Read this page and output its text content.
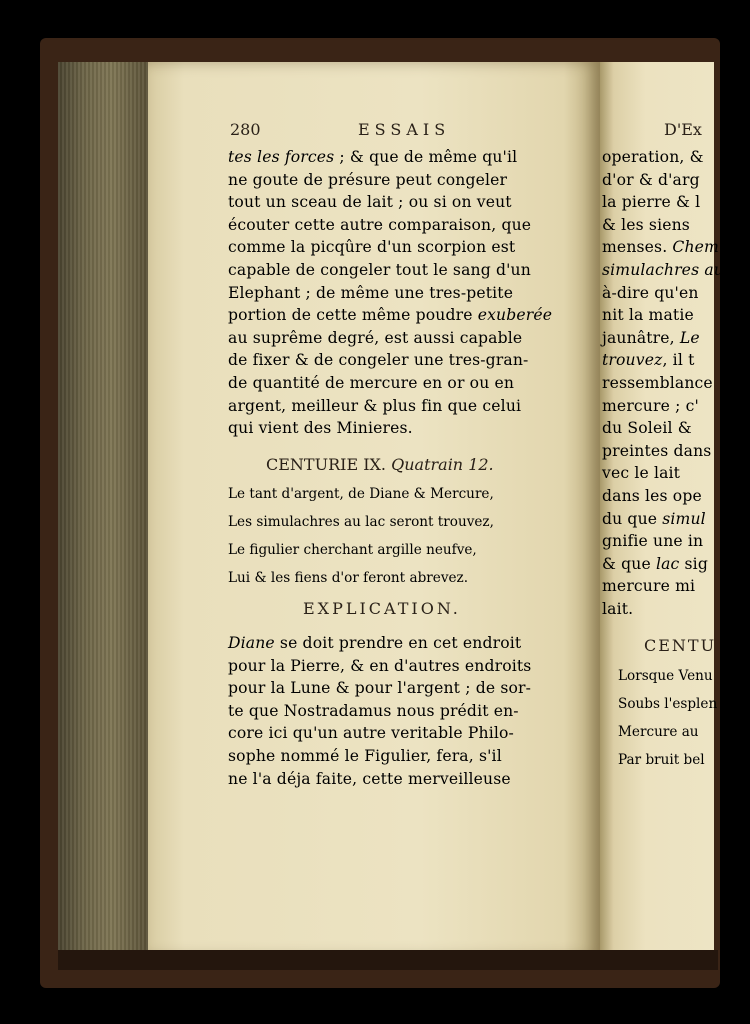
280	ESSAIS
tes les forces ; & que de même qu'il
ne goute de présure peut congeler
tout un sceau de lait ; ou si on veut
écouter cette autre comparaison, que
comme la picqûre d'un scorpion est
capable de congeler tout le sang d'un
Elephant ; de même une tres-petite
portion de cette même poudre exuberée
au suprême degré, est aussi capable
de fixer & de congeler une tres-gran-
de quantité de mercure en or ou en
argent, meilleur & plus fin que celui
qui vient des Minieres.
CENTURIE IX. Quatrain 12.
Le tant d'argent, de Diane & Mercure,
Les simulachres au lac seront trouvez,
Le figulier cherchant argille neufve,
Lui & les fiens d'or feront abrevez.
EXPLICATION.
Diane se doit prendre en cet endroit
pour la Pierre, & en d'autres endroits
pour la Lune & pour l'argent ; de sor-
te que Nostradamus nous prédit en-
core ici qu'un autre veritable Philo-
sophe nommé le Figulier, fera, s'il
ne l'a déja faite, cette merveilleuse
D'Ex
operation, &
d'or & d'arg
la pierre & l
& les siens
menses. Chem
simulachres au
à-dire qu'en
nit la matie
jaunâtre, Le
trouvez, il t
ressemblance
mercure ; c'
du Soleil &
preintes dans
vec le lait
dans les ope
du que simul
gnifie une in
& que lac sig
mercure mi
lait.
CENTU
Lorsque Venu
Soubs l'esplen
Mercure au
Par bruit bel
